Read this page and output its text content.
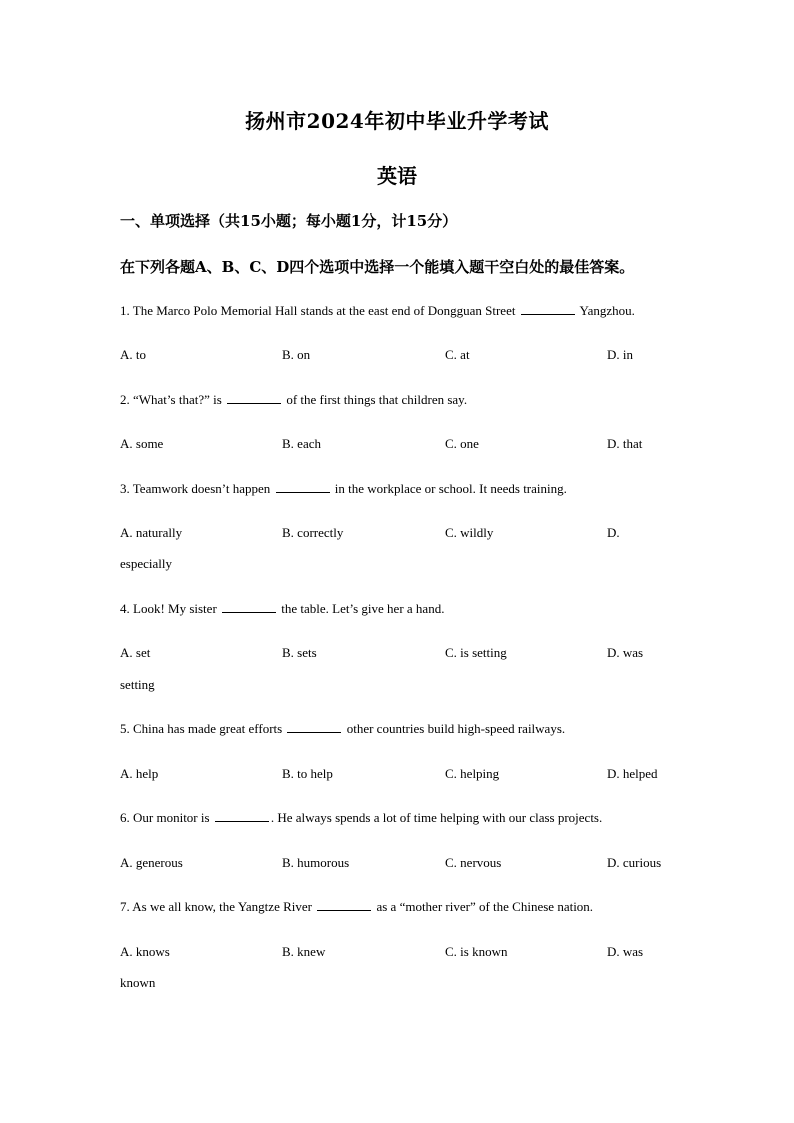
扬州市2024年初中毕业升学考试
英语
一、单项选择（共15小题；每小题1分，计15分）
在下列各题A、B、C、D四个选项中选择一个能填入题干空白处的最佳答案。
1. The Marco Polo Memorial Hall stands at the east end of Dongguan Street	Yangzhou.
A. to	B. on	C. at	D. in
2. “What’s that?” is	of the first things that children say.
A. some	B. each	C. one	D. that
3. Teamwork doesn’t happen	in the workplace or school. It needs training.
A. naturally	B. correctly	C. wildly	D.
especially
4. Look! My sister	the table. Let’s give her a hand.
A. set	B. sets	C. is setting	D. was
setting
5. China has made great efforts	other countries build high-speed railways.
A. help	B. to help	C. helping	D. helped
6. Our monitor is	. He always spends a lot of time helping with our class projects.
A. generous	B. humorous	C. nervous	D. curious
7. As we all know, the Yangtze River	as a “mother river” of the Chinese nation.
A. knows	B. knew	C. is known	D. was
known
